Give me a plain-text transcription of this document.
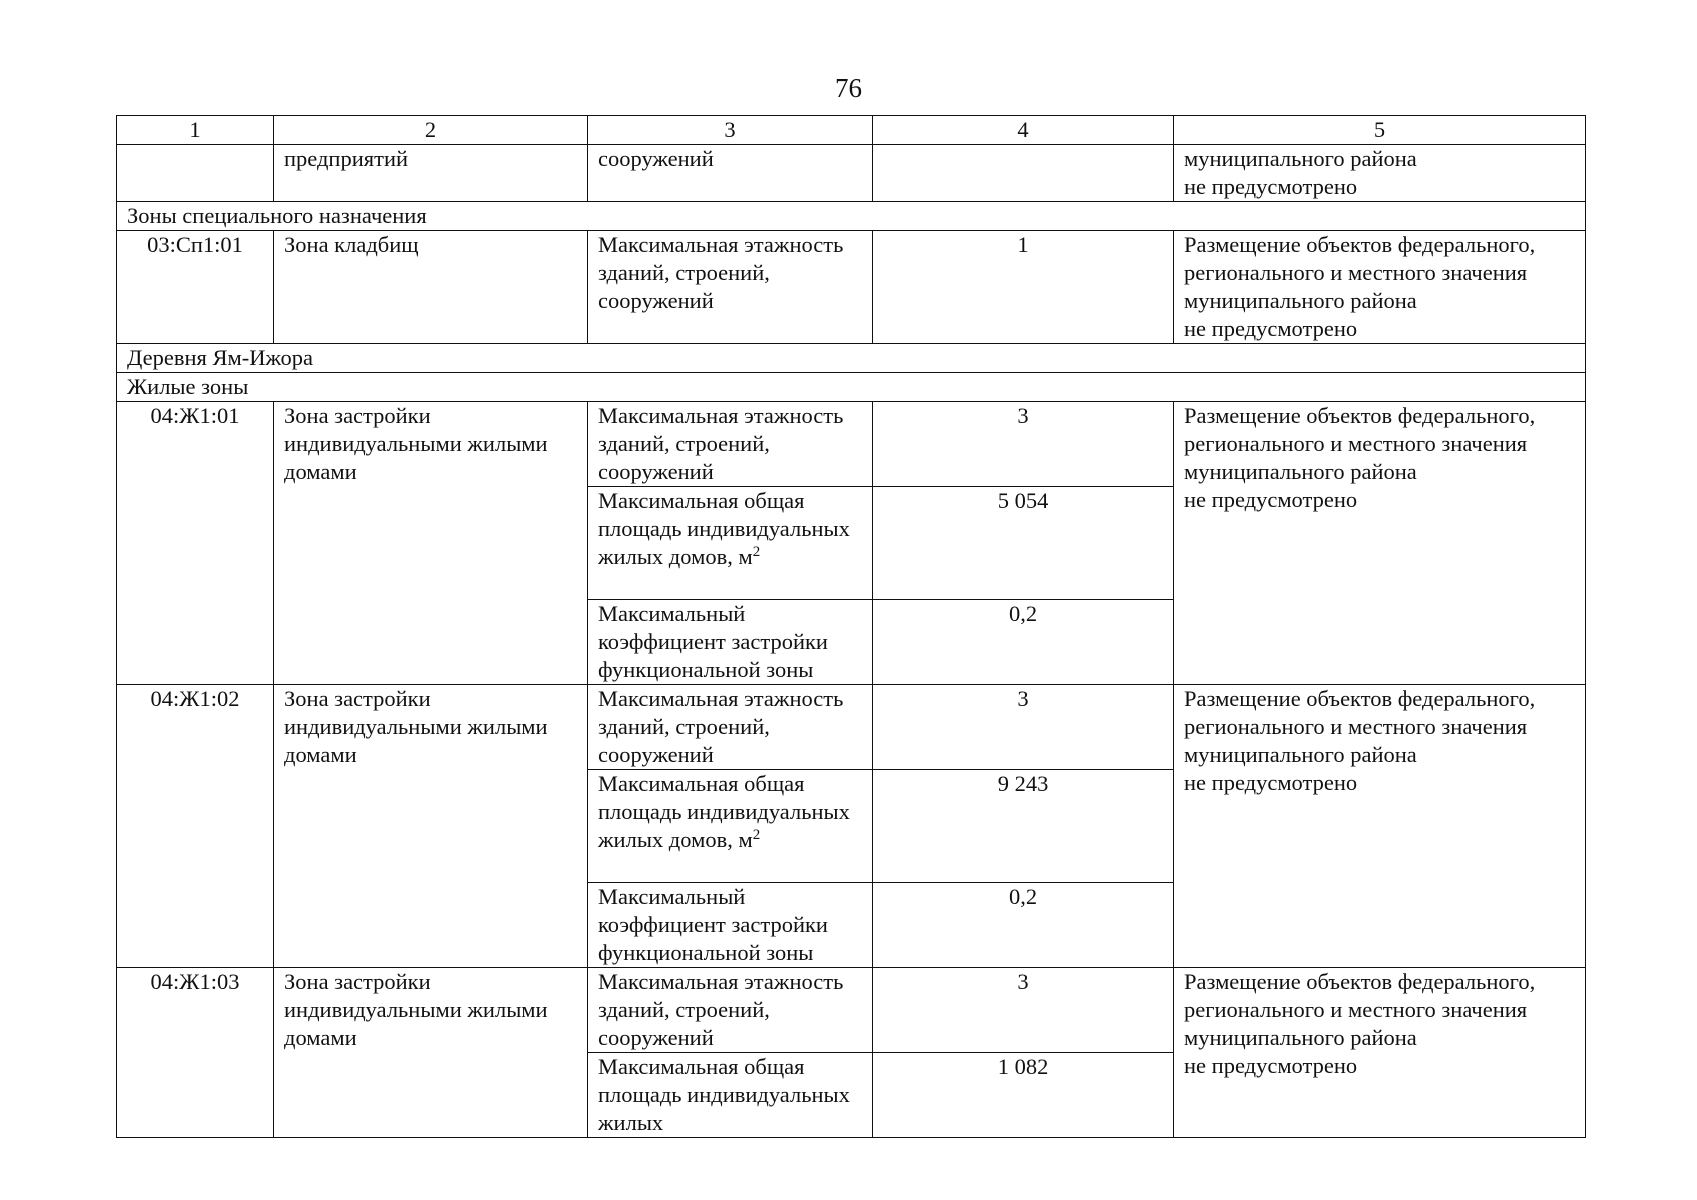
76
1	2	3	4	5
	предприятий	сооружений		муниципального района
не предусмотрено

Зоны специального назначения				
03:Сп1:01	Зона кладбищ	Максимальная этажность зданий, строений, сооружений	1	Размещение объектов федерального,
регионального и местного значения
муниципального района
не предусмотрено

Деревня Ям-Ижора				
Жилые зоны				
04:Ж1:01	Зона застройки индивидуальными жилыми домами	Максимальная этажность зданий, строений, сооружений	3	Размещение объектов федерального,
регионального и местного значения
муниципального района
не предусмотрено

		Максимальная общая площадь индивидуальных жилых домов, $м^2$	5 054	
		Максимальный коэффициент застройки функциональной зоны	0,2	
04:Ж1:02	Зона застройки индивидуальными жилыми домами	Максимальная этажность зданий, строений, сооружений	3	Размещение объектов федерального,
регионального и местного значения
муниципального района
не предусмотрено

		Максимальная общая площадь индивидуальных жилых домов, $м^2$	9 243	
		Максимальный коэффициент застройки функциональной зоны	0,2	
04:Ж1:03	Зона застройки индивидуальными жилыми домами	Максимальная этажность зданий, строений, сооружений	3	Размещение объектов федерального,
регионального и местного значения
муниципального района
не предусмотрено

		Максимальная общая площадь индивидуальных жилых	1 082	
